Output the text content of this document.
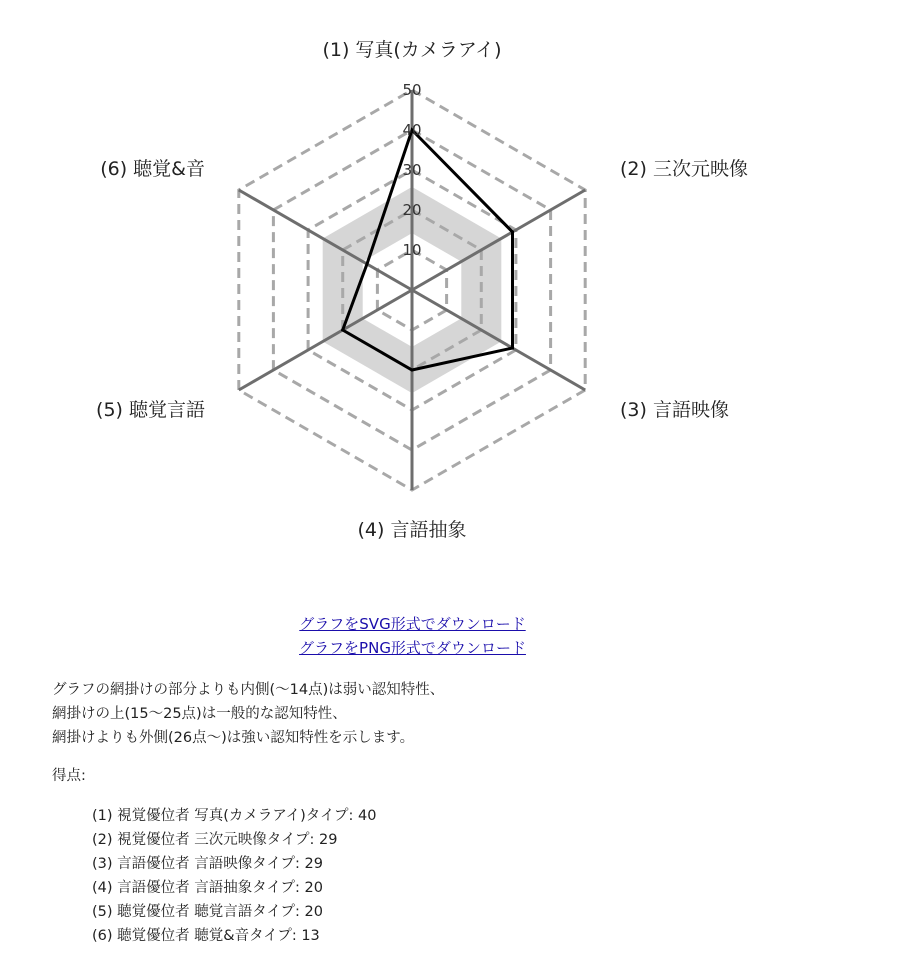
10
20
30
40
50
(1) 写真(カメラアイ)
(2) 三次元映像
(3) 言語映像
(4) 言語抽象
(5) 聴覚言語
(6) 聴覚&音
グラフをSVG形式でダウンロード
グラフをPNG形式でダウンロード
グラフの網掛けの部分よりも内側(～14点)は弱い認知特性、
網掛けの上(15～25点)は一般的な認知特性、
網掛けよりも外側(26点～)は強い認知特性を示します。
得点:
(1) 視覚優位者 写真(カメラアイ)タイプ: 40
(2) 視覚優位者 三次元映像タイプ: 29
(3) 言語優位者 言語映像タイプ: 29
(4) 言語優位者 言語抽象タイプ: 20
(5) 聴覚優位者 聴覚言語タイプ: 20
(6) 聴覚優位者 聴覚&音タイプ: 13
